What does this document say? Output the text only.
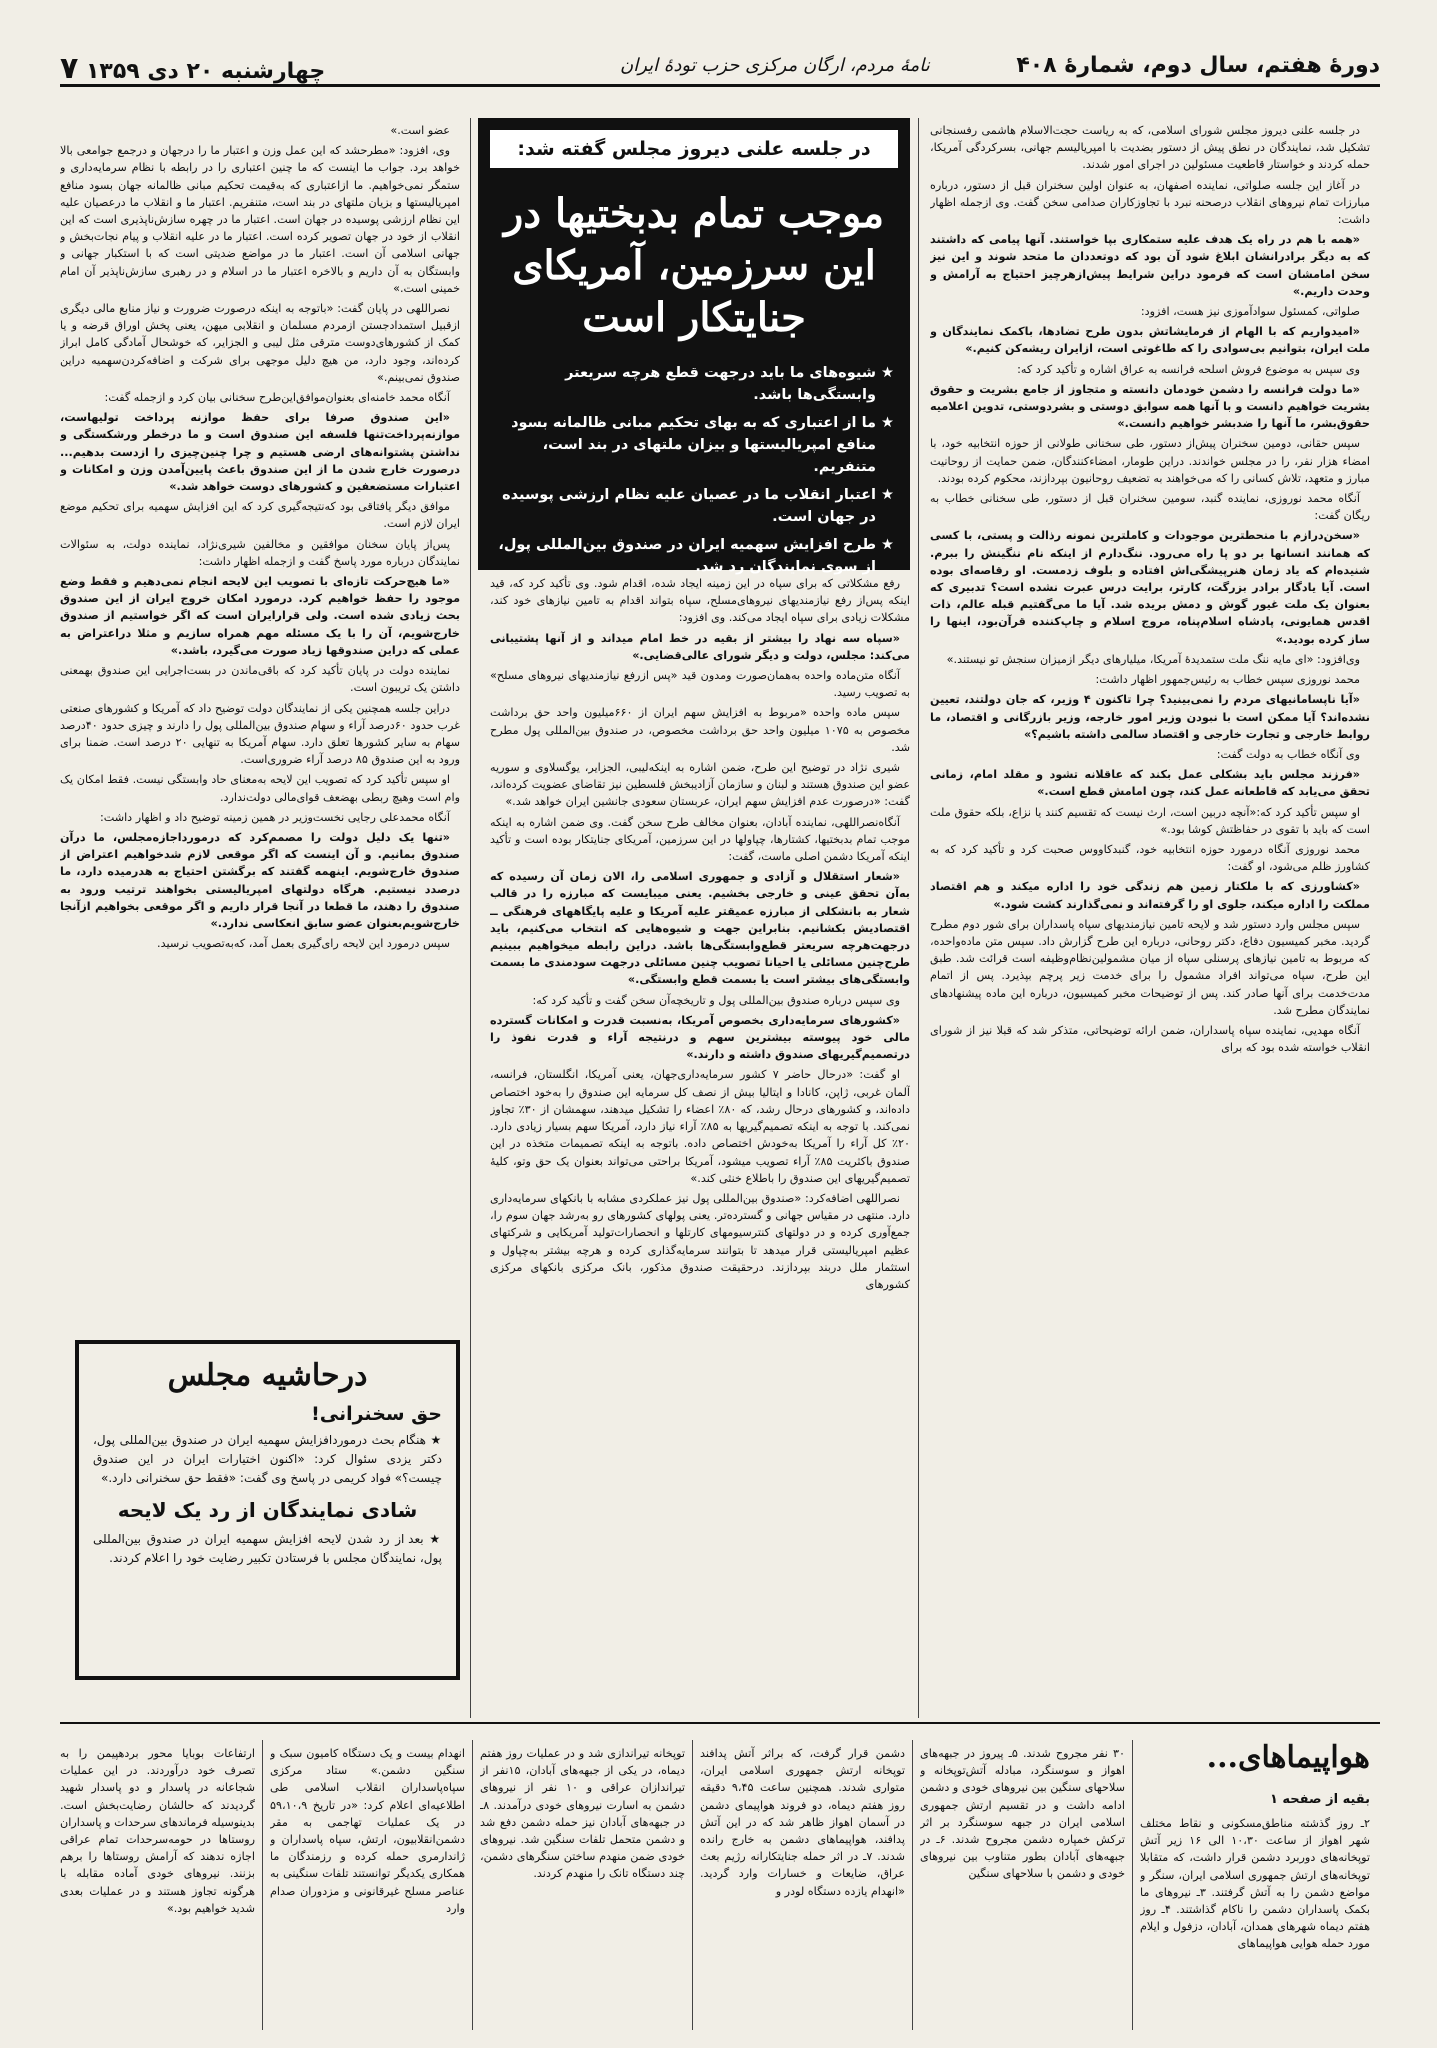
دورهٔ هفتم، سال دوم، شمارهٔ ۴۰۸
نامهٔ مردم، ارگان مرکزی حزب تودهٔ ایران
چهارشنبه ۲۰ دی ۱۳۵۹ ۷

در جلسه علنی دیروز مجلس شورای اسلامی، که به ریاست حجت‌الاسلام هاشمی رفسنجانی تشکیل شد، نمایندگان در نطق پیش از دستور بضدیت با امپریالیسم جهانی، بسرکردگی آمریکا، حمله کردند و خواستار قاطعیت مسئولین در اجرای امور شدند.

در آغاز این جلسه صلواتی، نماینده اصفهان، به عنوان اولین سخنران قبل از دستور، درباره مبارزات تمام نیروهای انقلاب درصحنه نبرد با تجاوزکاران صدامی سخن گفت. وی ازجمله اظهار داشت:

«همه با هم در راه یک هدف علیه ستمکاری بپا خواستند. آنها پیامی که داشتند که به دیگر برادرانشان ابلاغ شود آن بود که دوتعددان ما متحد شوند و این نیز سخن امامشان است که فرمود دراین شرایط پیش‌ازهرچیز احتیاج به آرامش و وحدت داریم.»

صلواتی، کمسئول سوادآموزی نیز هست، افزود:

«امیدواریم که با الهام از فرمایشاتش بدون طرح تضادها، باکمک نمایندگان و ملت ایران، بتوانیم بی‌سوادی را که طاغوتی است، ازایران ریشه‌کن کنیم.»

وی سپس به موضوع فروش اسلحه فرانسه به عراق اشاره و تأکید کرد که:

«ما دولت فرانسه را دشمن خودمان دانسته و متجاوز از جامع بشریت و حقوق بشریت خواهیم دانست و با آنها همه سوابق دوستی و بشردوستی، تدوین اعلامیه حقوق‌بشر، ما آنها را ضدبشر خواهیم دانست.»

سپس حقانی، دومین سخنران پیش‌از دستور، طی سخنانی طولانی از حوزه انتخابیه خود، با امضاء هزار نفر، را در مجلس خواندند. دراین طومار، امضاءکنندگان، ضمن حمایت از روحانیت مبارز و متعهد، تلاش کسانی را که می‌خواهند به تضعیف روحانیون بپردازند، محکوم کرده بودند.

آنگاه محمد نوروزی، نماینده گنبد، سومین سخنران قبل از دستور، طی سخنانی خطاب به ریگان گفت:

«سخن‌درازم با منحطترین موجودات و کاملترین نمونه رذالت و پستی، با کسی که همانند انسانها بر دو پا راه می‌رود. ننگ‌دارم از اینکه نام ننگینش را ببرم. شنیده‌ام که یاد زمان هنرپیشگی‌اش افتاده و بلوف زدمست. او رقاصه‌ای بوده است. آیا یادگار برادر بزرگت، کارتر، برایت درس عبرت نشده است؟ تدبیری که بعنوان یک ملت غیور گوش و دمش بریده شد. آیا ما می‌گفتیم قبله عالم، ذات اقدس همایونی، پادشاه اسلام‌پناه، مروج اسلام و چاپ‌کننده قرآن‌بود، اینها را ساز کرده بودید.»

وی‌افزود: «ای مایه ننگ ملت ستمدیدهٔ آمریکا، میلیارهای دیگر ازمیزان سنجش تو نیستند.»

محمد نوروزی سپس خطاب به رئیس‌جمهور اظهار داشت:

«آیا ناپسامانیهای مردم را نمی‌بینید؟ چرا تاکنون ۴ وزیر، که جان دولتند، تعیین نشده‌اند؟ آیا ممکن است با نبودن وزیر امور خارجه، وزیر بازرگانی و اقتصاد، ما روابط خارجی و تجارت خارجی و اقتصاد سالمی داشته باشیم؟»

وی آنگاه خطاب به دولت گفت:

«فرزند مجلس باید بشکلی عمل بکند که عاقلانه تشود و مقلد امام، زمانی تحقق می‌یابد که قاطعانه عمل کند، چون امامش قطع است.»

او سپس تأکید کرد که:«آنچه دربین است، ارث نیست که تقسیم کنند یا نزاع، بلکه حقوق ملت است که باید با تقوی در حفاظتش کوشا بود.»

محمد نوروزی آنگاه درمورد حوزه انتخابیه خود، گنبدکاووس صحبت کرد و تأکید کرد که به کشاورز ظلم می‌شود، او گفت:

«کشاورزی که با ملکتار زمین هم زندگی خود را اداره میکند و هم اقتصاد مملکت را اداره میکند، جلوی او را گرفته‌اند و نمی‌گذارند کشت شود.»

سپس مجلس وارد دستور شد و لایحه تامین نیازمندیهای سپاه پاسداران برای شور دوم مطرح گردید. مخبر کمیسیون دفاع، دکتر روحانی، درباره این طرح گزارش داد. سپس متن ماده‌واحده، که مربوط به تامین نیازهای پرسنلی سپاه از میان مشمولین‌نظام‌وظیفه است قرائت شد. طبق این طرح، سپاه می‌تواند افراد مشمول را برای خدمت زیر پرچم بپذیرد. پس از اتمام مدت‌خدمت برای آنها صادر کند. پس از توضیحات مخبر کمیسیون، درباره این ماده پیشنهادهای نمایندگان مطرح شد.

آنگاه مهدیی، نماینده سپاه پاسداران، ضمن ارائه توضیحاتی، متذکر شد که قبلا نیز از شورای انقلاب خواسته شده بود که برای

در جلسه علنی دیروز مجلس گفته شد:
موجب تمام بدبختیها در این سرزمین، آمریکای جنایتکار است
★
شیوه‌های ما باید درجهت قطع هرچه سریعتر وابستگی‌ها باشد.
★
ما از اعتباری که به بهای تحکیم مبانی ظالمانه بسود منافع امپریالیستها و بیزان ملتهای در بند است، متنفریم.
★
اعتبار انقلاب ما در عصیان علیه نظام ارزشی پوسیده در جهان است.
★
طرح افزایش سهمیه ایران در صندوق بین‌المللی پول، از سوی نمایندگان رد شد.

رفع مشکلاتی که برای سپاه در این زمینه ایجاد شده، اقدام شود. وی تأکید کرد که، قید اینکه پس‌از رفع نیازمندیهای نیروهای‌مسلح، سپاه بتواند اقدام به تامین نیازهای خود کند، مشکلات زیادی برای سپاه ایجاد می‌کند. وی افزود:

«سپاه سه نهاد را بیشتر از بقیه در خط امام میداند و از آنها پشتیبانی می‌کند: مجلس، دولت و دیگر شورای عالی‌قضایی.»

آنگاه متن‌ماده واحده به‌همان‌صورت ومدون قید «پس ازرفع نیازمندیهای نیروهای مسلح» به تصویب رسید.

سپس ماده واحده «مربوط به افزایش سهم ایران از ۶۶۰میلیون واحد حق برداشت مخصوص به ۱۰۷۵ میلیون واحد حق برداشت مخصوص، در صندوق بین‌المللی پول مطرح شد.

شیری نژاد در توضیح این طرح، ضمن اشاره به اینکه‌لیبی، الجزایر، یوگسلاوی و سوریه عضو این صندوق هستند و لبنان و سازمان آزادیبخش فلسطین نیز تقاضای عضویت کرده‌اند، گفت: «درصورت عدم افزایش سهم ایران، عربستان سعودی جانشین ایران خواهد شد.»

آنگاه‌نصراللهی، نماینده آبادان، بعنوان مخالف طرح سخن گفت. وی ضمن اشاره به اینکه موجب تمام بدبختیها، کشتارها، چپاولها در این سرزمین، آمریکای جنایتکار بوده است و تأکید اینکه آمریکا دشمن اصلی ماست، گفت:

«شعار استقلال و آزادی و جمهوری اسلامی را، الان زمان آن رسیده که به‌آن تحقق عینی و خارجی بخشیم. یعنی میبایست که مبارزه را در قالب شعار به بانشکلی از مبارزه عمیقتر علیه آمریکا و علیه پایگاههای فرهنگی ــ اقتصادیش بکشانیم. بنابراین جهت و شیوه‌هایی که انتخاب می‌کنیم، باید درجهت‌هرچه سریعتر قطع‌وابستگی‌ها باشد. دراین رابطه میخواهیم ببینیم طرح‌چنین مسائلی یا احیانا تصویب چنین مسائلی درجهت سودمندی ما بسمت وابستگی‌های بیشتر است یا بسمت قطع وابستگی.»

وی سپس درباره صندوق بین‌المللی پول و تاریخچه‌آن سخن گفت و تأکید کرد که:

«کشورهای سرمایه‌داری بخصوص آمریکا، به‌نسبت قدرت و امکانات گسترده مالی خود پیوسته بیشترین سهم و درنتیجه آراء و قدرت نفوذ را درتصمیم‌گیریهای صندوق داشته و دارند.»

او گفت: «درحال حاضر ۷ کشور سرمایه‌داری‌جهان، یعنی آمریکا، انگلستان، فرانسه، آلمان غربی، ژاپن، کانادا و ایتالیا بیش از نصف کل سرمایه این صندوق را به‌خود اختصاص داده‌اند، و کشورهای درحال رشد، که ۸۰٪ اعضاء را تشکیل میدهند، سهمشان از ۳۰٪ تجاوز نمی‌کند. با توجه به اینکه تصمیم‌گیریها به ۸۵٪ آراء نیاز دارد، آمریکا سهم بسیار زیادی دارد. ۲۰٪ کل آراء را آمریکا به‌خودش اختصاص داده. باتوجه به اینکه تصمیمات متخذه در این صندوق باکثریت ۸۵٪ آراء تصویب میشود، آمریکا براحتی می‌تواند بعنوان یک حق وتو، کلیهٔ تصمیم‌گیریهای این صندوق را باطلاع خنثی کند.»

نصراللهی اضافه‌کرد: «صندوق بین‌المللی پول نیز عملکردی مشابه با بانکهای سرمایه‌داری دارد. منتهی در مقیاس جهانی و گسترده‌تر. یعنی پولهای کشورهای رو به‌رشد جهان سوم را، جمع‌آوری کرده و در دولتهای کنترسیومهای کارتلها و انحصارات‌تولید آمریکایی و شرکتهای عظیم امپریالیستی قرار میدهد تا بتوانند سرمایه‌گذاری کرده و هرچه بیشتر به‌چپاول و استثمار ملل دربند بپردازند. درحقیقت صندوق مذکور، بانک مرکزی بانکهای مرکزی کشورهای

عضو است.»

وی، افزود: «مطرحشد که این عمل وزن و اعتبار ما را درجهان و درجمع جوامعی بالا خواهد برد. جواب ما اینست که ما چنین اعتباری را در رابطه با نظام سرمایه‌داری و ستمگر نمی‌خواهیم. ما ازاعتباری که به‌قیمت تحکیم مبانی ظالمانه جهان بسود منافع امپریالیستها و بزیان ملتهای در بند است، متنفریم. اعتبار ما و انقلاب ما درعصیان علیه این نظام ارزشی پوسیده در جهان است. اعتبار ما در چهره سازش‌ناپذیری است که این انقلاب از خود در جهان تصویر کرده است. اعتبار ما در علیه انقلاب و پیام نجات‌بخش و جهانی اسلامی آن است. اعتبار ما در مواضع ضدیتی است که با استکبار جهانی و وابستگان به آن داریم و بالاخره اعتبار ما در اسلام و در رهبری سازش‌ناپذیر آن امام خمینی است.»

نصراللهی در پایان گفت: «باتوجه به اینکه درصورت ضرورت و نیاز منابع مالی دیگری ازقبیل استمدادجستن ازمردم مسلمان و انقلابی میهن، یعنی پخش اوراق قرضه و یا کمک از کشورهای‌دوست مترقی مثل لیبی و الجزایر، که خوشحال آمادگی کامل ابراز کرده‌اند، وجود دارد، من هیچ دلیل موجهی برای شرکت و اضافه‌کردن‌سهمیه دراین صندوق نمی‌بینم.»

آنگاه محمد خامنه‌ای بعنوان‌موافق‌این‌طرح سخنانی بیان کرد و ازجمله گفت:

«این صندوق صرفا برای حفظ موازنه پرداخت تولیهاست، موازنه‌پرداخت‌تنها فلسفه این صندوق است و ما درخطر ورشکستگی و نداشتن پشتوانه‌های ارضی هستیم و چرا چنین‌چیزی را ازدست بدهیم... درصورت خارج شدن ما از این صندوق باعث پایین‌آمدن وزن و امکانات و اعتبارات مستضعفین و کشورهای دوست خواهد شد.»

موافق دیگر یافتاقی بود که‌نتیجه‌گیری کرد که این افزایش سهمیه برای تحکیم موضع ایران لازم است.

پس‌از پایان سخنان موافقین و مخالفین شیری‌نژاد، نماینده دولت، به سئوالات نمایندگان درباره مورد پاسخ گفت و ازجمله اظهار داشت:

«ما هیچ‌حرکت تازه‌ای با تصویب این لایحه انجام نمی‌دهیم و فقط وضع موجود را حفظ خواهیم کرد. درمورد امکان خروج ایران از این صندوق بحث زیادی شده است. ولی قرارایران است که اگر خواستیم از صندوق خارج‌شویم، آن را با یک مسئله مهم همراه سازیم و مثلا دراعتراض به عملی که دراین صندوقها زیاد صورت می‌گیرد، باشد.»

نماینده دولت در پایان تأکید کرد که باقی‌ماندن در بست‌اجرایی این صندوق بهمعنی داشتن یک تریبون است.

دراین جلسه همچنین یکی از نمایندگان دولت توضیح داد که آمریکا و کشورهای صنعتی غرب حدود ۶۰درصد آراء و سهام صندوق بین‌المللی پول را دارند و چیزی حدود ۴۰درصد سهام به سایر کشورها تعلق دارد. سهام آمریکا به تنهایی ۲۰ درصد است. ضمنا برای ورود به این صندوق ۸۵ درصد آراء ضروری‌است.

او سپس تأکید کرد که تصویب این لایحه به‌معنای حاد وابستگی نیست. فقط امکان یک وام است وهیچ ربطی بهضعف قوای‌مالی دولت‌ندارد.

آنگاه محمدعلی رجایی نخست‌وزیر در همین زمینه توضیح داد و اظهار داشت:

«تنها یک دلیل دولت را مصمم‌کرد که درمورد‌اجازه‌مجلس، ما درآن صندوق بمانیم. و آن اینست که اگر موقعی لازم شد‌خواهیم اعتراض از صندوق خارج‌شویم. اینهمه گفتند که برگشتن احتیاج به هدرمیده دارد، ما درصدد نیستیم. هرگاه دولتهای امپریالیستی بخواهند ترتیب ورود به صندوق را دهند، ما قطعا در آنجا قرار داریم و اگر موقعی بخواهیم ازآنجا خارج‌شویم‌بعنوان عضو سابق انعکاسی ندارد.»

سپس درمورد این لایحه رای‌گیری بعمل آمد، که‌به‌تصویب نرسید.

درحاشیه مجلس
حق سخنرانی!

★ هنگام بحث درموردافزایش سهمیه ایران در صندوق بین‌المللی پول، دکتر یزدی سئوال کرد: «اکنون اختیارات ایران در این صندوق چیست؟» فواد کریمی در پاسخ وی گفت: «فقط حق سخنرانی دارد.»

شادی نمایندگان از رد یک لایحه

★ بعد از رد شدن لایحه افزایش سهمیه ایران در صندوق بین‌المللی پول، نمایندگان مجلس با فرستادن تکبیر رضایت خود را اعلام کردند.

هواپیماهای...
بقیه از صفحه ۱
۲ـ روز گذشته مناطق‌مسکونی و نقاط مختلف شهر اهواز از ساعت ۱۰،۳۰ الی ۱۶ زیر آتش توپخانه‌های دوربرد دشمن قرار داشت، که متقابلا توپخانه‌های ارتش جمهوری اسلامی ایران، سنگر و مواضع دشمن را به آتش گرفتند. ۳ـ نیروهای ما بکمک پاسداران دشمن را ناکام گذاشتند. ۴ـ روز هفتم دیماه شهرهای همدان، آبادان، دزفول و ایلام مورد حمله هوایی هواپیماهای
۳۰ نفر مجروح شدند. ۵ـ پیروز در جبهه‌های اهواز و سوسنگرد، مبادله آتش‌توپخانه و سلاحهای سنگین بین نیروهای خودی و دشمن ادامه داشت و در تقسیم ارتش جمهوری اسلامی ایران در جبهه سوسنگرد بر اثر ترکش خمپاره دشمن مجروح شدند. ۶ـ در جبهه‌های آبادان بطور متناوب بین نیروهای خودی و دشمن با سلاحهای سنگین
دشمن قرار گرفت، که براثر آتش پدافند توپخانه ارتش جمهوری اسلامی ایران، متواری شدند. همچنین ساعت ۹،۴۵ دقیقه روز هفتم دیماه، دو فروند هواپیمای دشمن در آسمان اهواز ظاهر شد که در این آتش پدافند، هواپیماهای دشمن به خارج رانده شدند. ۷ـ در اثر حمله جنایتکارانه رژیم بعث عراق، ضایعات و خسارات وارد گردید. «انهدام یازده دستگاه لودر و
توپخانه تیراندازی شد و در عملیات روز هفتم دیماه، در یکی از جبهه‌های آبادان، ۱۵نفر از تیراندازان عراقی و ۱۰ نفر از نیروهای دشمن به اسارت نیروهای خودی درآمدند. ۸ـ در جبهه‌های آبادان نیز حمله دشمن دفع شد و دشمن متحمل تلفات سنگین شد. نیروهای خودی ضمن منهدم ساختن سنگرهای دشمن، چند دستگاه تانک را منهدم کردند.
انهدام بیست و یک دستگاه کامیون سبک و سنگین دشمن.» ستاد مرکزی سپاه‌پاسداران انقلاب اسلامی طی اطلاعیه‌ای اعلام کرد: «در تاریخ ۵۹،۱۰،۹ در یک عملیات تهاجمی به مقر دشمن‌انقلابیون، ارتش، سپاه پاسداران و ژاندارمری حمله کرده و رزمندگان ما همکاری یکدیگر توانستند تلفات سنگینی به عناصر مسلح غیرقانونی و مزدوران صدام وارد
ارتفاعات بوبایا محور بردهپیمن را به تصرف خود درآوردند. در این عملیات شجاعانه در پاسدار و دو پاسدار شهید گردیدند که حالشان رضایت‌بخش است. بدینوسیله فرماندهای سرحدات و پاسداران روستاها در حومه‌سرحدات تمام عراقی اجازه ندهند که آرامش روستاها را برهم بزنند. نیروهای خودی آماده مقابله با هرگونه تجاوز هستند و در عملیات بعدی شدید خواهیم بود.»
